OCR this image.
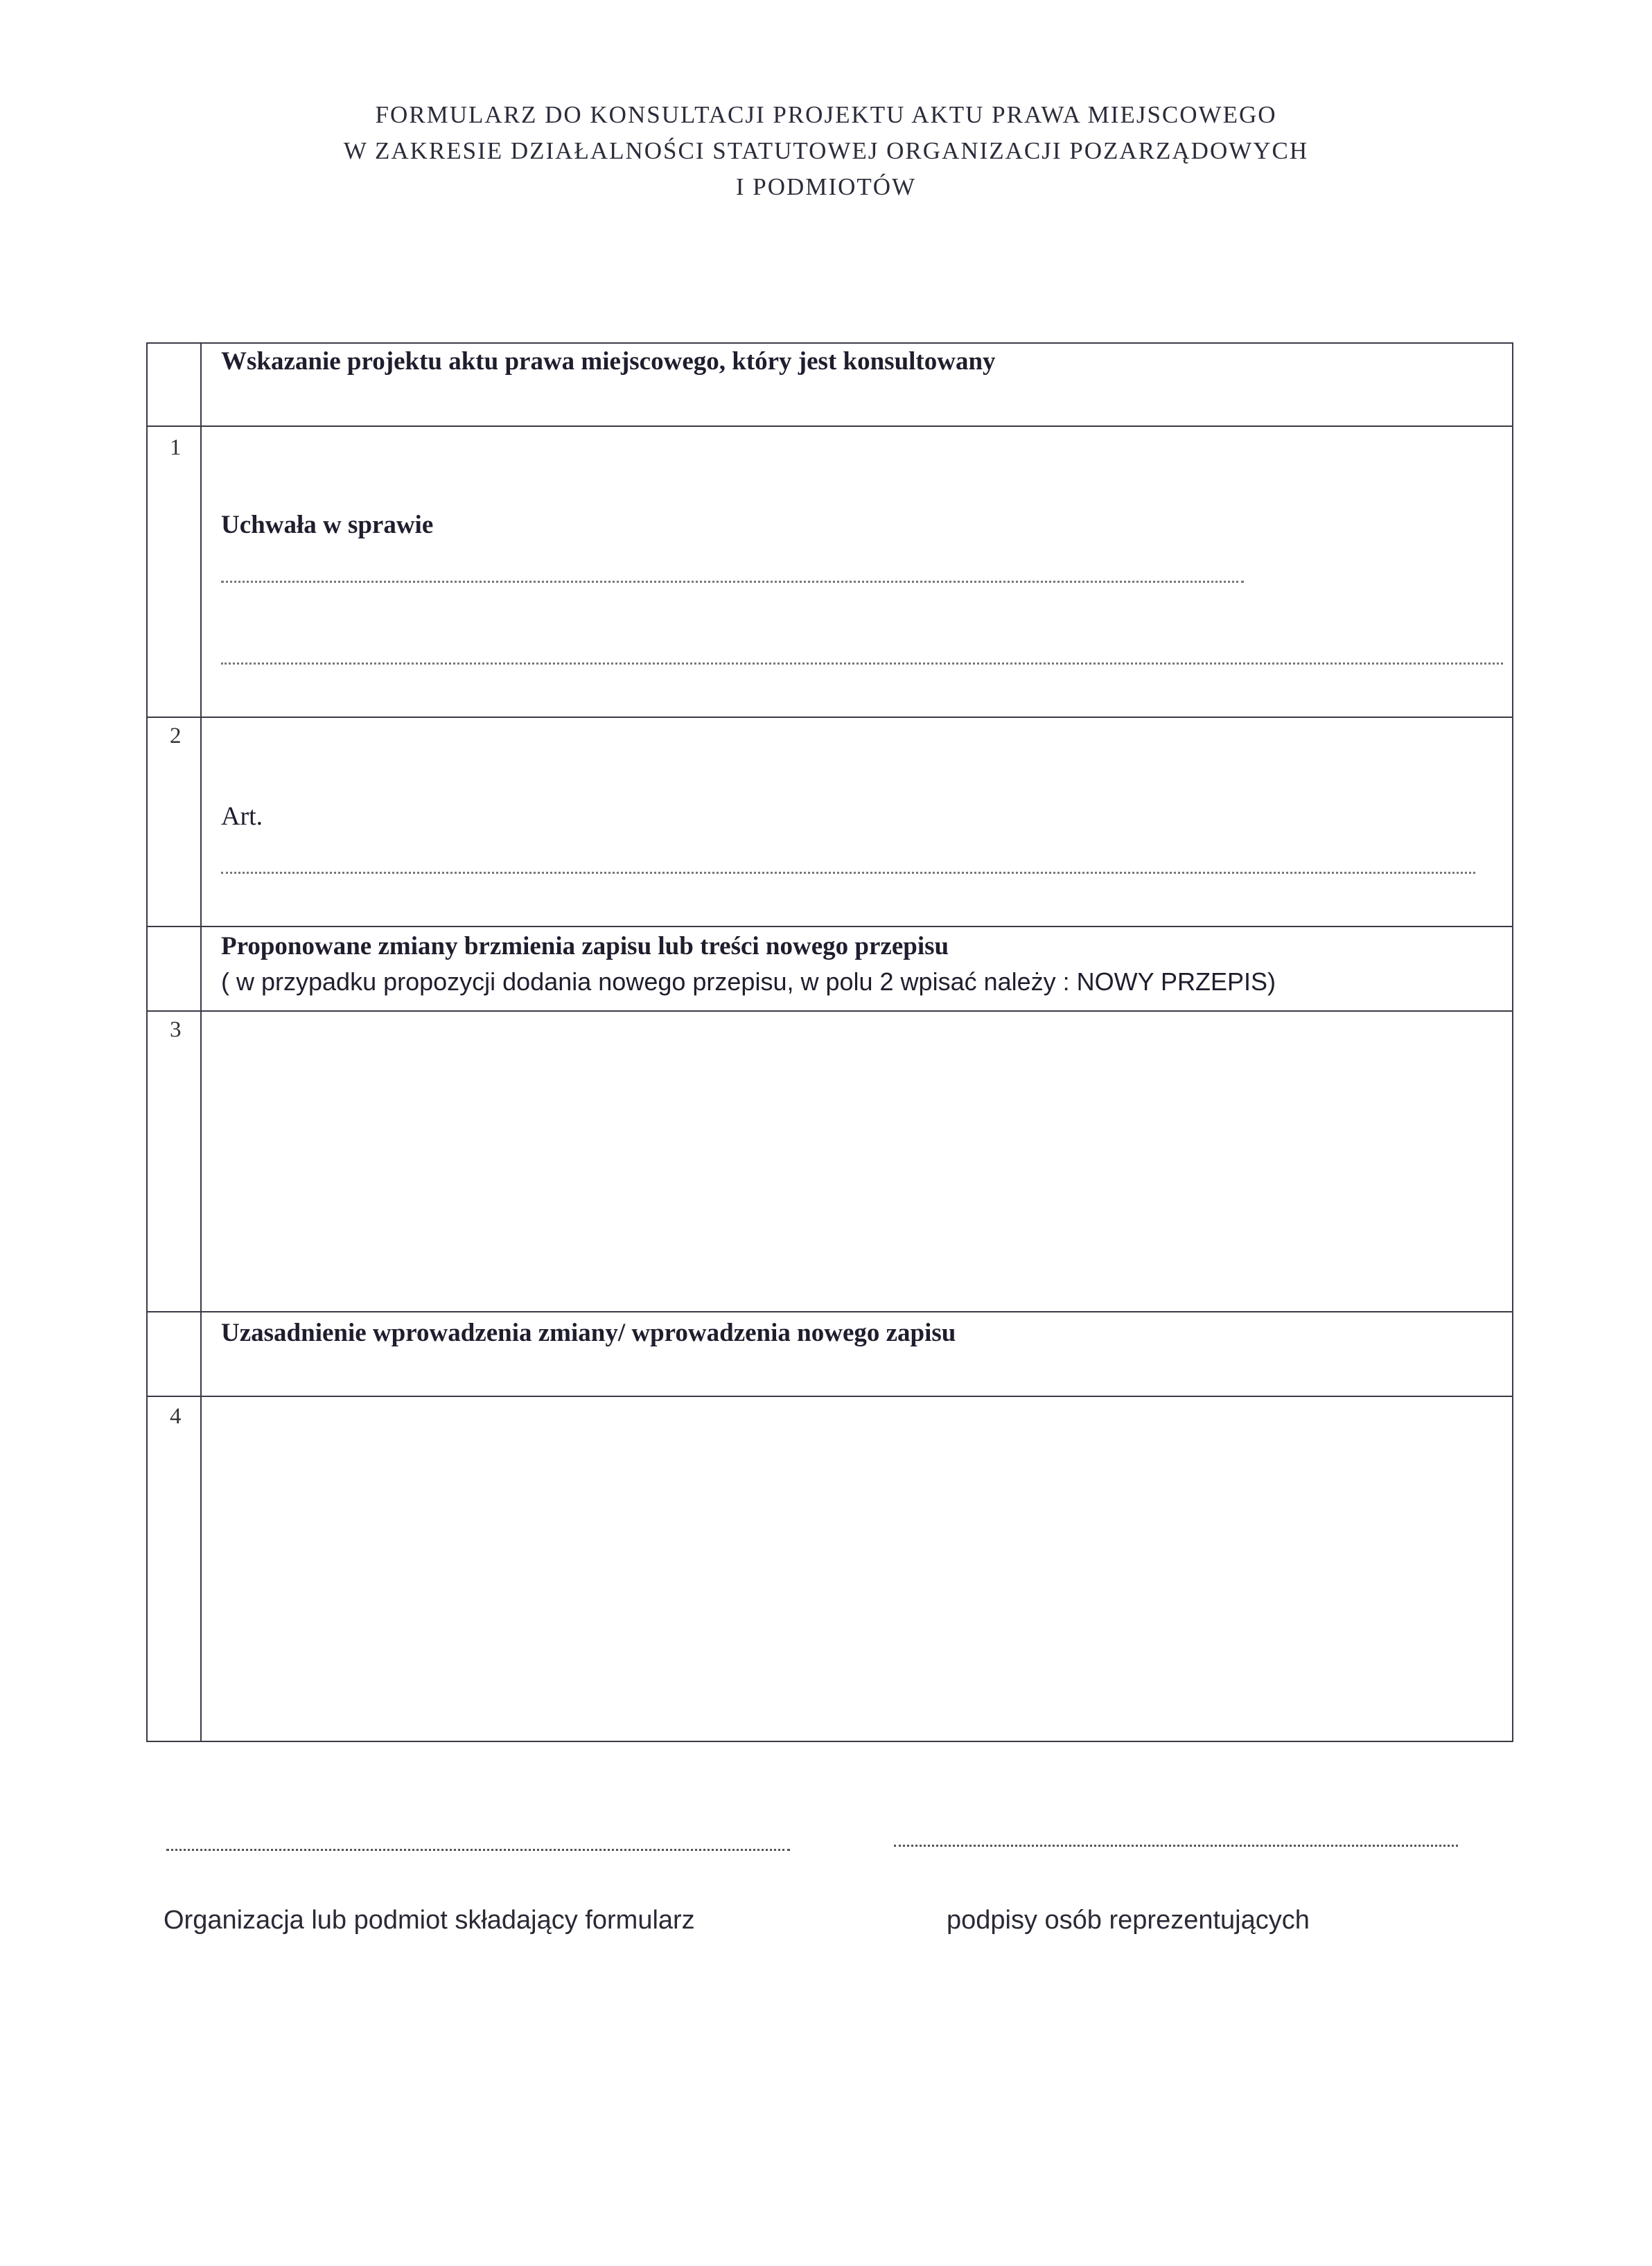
FORMULARZ DO KONSULTACJI PROJEKTU AKTU PRAWA MIEJSCOWEGO
W ZAKRESIE DZIAŁALNOŚCI STATUTOWEJ ORGANIZACJI POZARZĄDOWYCH
I PODMIOTÓW

	Wskazanie projektu aktu prawa miejscowego, który jest konsultowany

1	Uchwała w sprawie

2	Art.

	Proponowane zmiany brzmienia zapisu lub treści nowego przepisu
( w przypadku propozycji dodania nowego przepisu, w polu 2 wpisać należy : NOWY PRZEPIS)

3	

	Uzasadnienie wprowadzenia zmiany/ wprowadzenia nowego zapisu

4	

Organizacja lub podmiot składający formularz	podpisy osób reprezentujących
